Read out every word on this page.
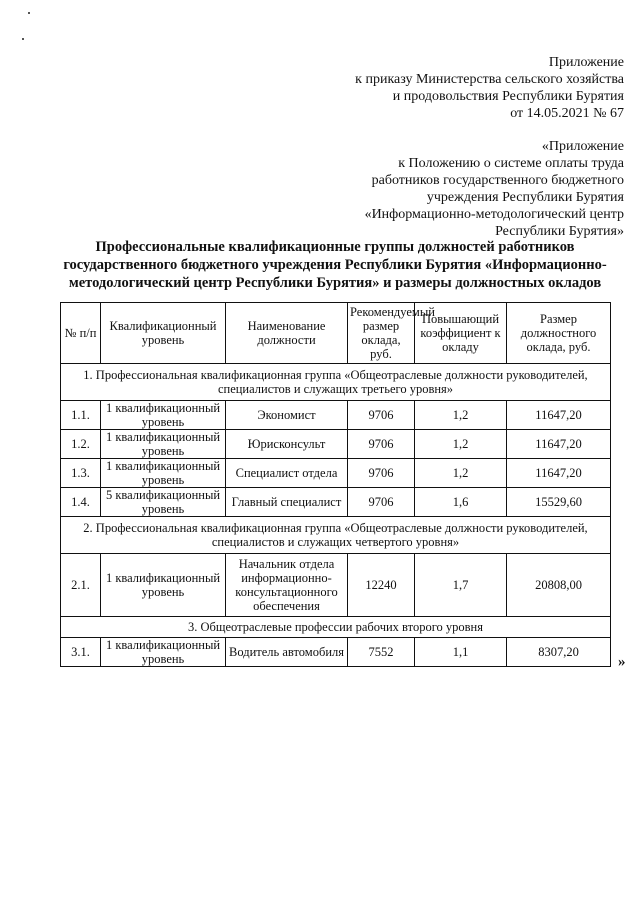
Приложение
к приказу Министерства сельского хозяйства
и продовольствия Республики Бурятия
от 14.05.2021 № 67
«Приложение
к Положению о системе оплаты труда
работников государственного бюджетного
учреждения Республики Бурятия
«Информационно-методологический центр
Республики Бурятия»
Профессиональные квалификационные группы должностей работников государственного бюджетного учреждения Республики Бурятия «Информационно-методологический центр Республики Бурятия» и размеры должностных окладов
№ п/п	Квалификационный уровень	Наименование должности	Рекомендуемый размер оклада, руб.	Повышающий коэффициент к окладу	Размер должностного оклада, руб.
1. Профессиональная квалификационная группа «Общеотраслевые должности руководителей, специалистов и служащих третьего уровня»					
1.1.	1 квалификационный уровень	Экономист	9706	1,2	11647,20
1.2.	1 квалификационный уровень	Юрисконсульт	9706	1,2	11647,20
1.3.	1 квалификационный уровень	Специалист отдела	9706	1,2	11647,20
1.4.	5 квалификационный уровень	Главный специалист	9706	1,6	15529,60
2. Профессиональная квалификационная группа «Общеотраслевые должности руководителей, специалистов и служащих четвертого уровня»					
2.1.	1 квалификационный уровень	Начальник отдела информационно-консультационного обеспечения	12240	1,7	20808,00
3. Общеотраслевые профессии рабочих второго уровня					
3.1.	1 квалификационный уровень	Водитель автомобиля	7552	1,1	8307,20
»
